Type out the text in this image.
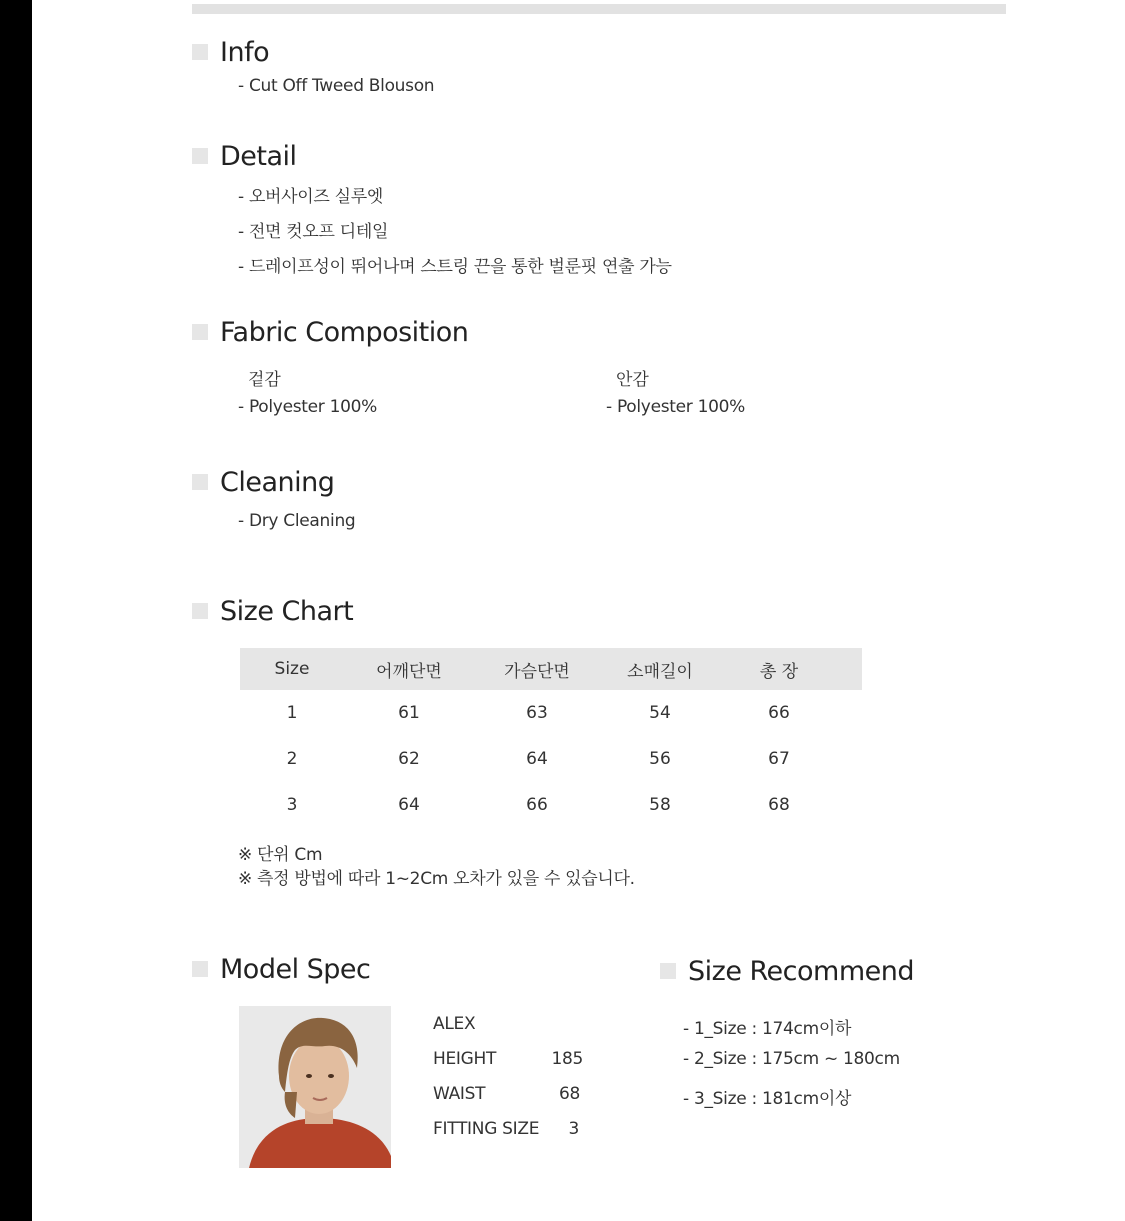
Info
- Cut Off Tweed Blouson
Detail
- 오버사이즈 실루엣
- 전면 컷오프 디테일
- 드레이프성이 뛰어나며 스트링 끈을 통한 벌룬핏 연출 가능
Fabric Composition
겉감
- Polyester 100%
안감
- Polyester 100%
Cleaning
- Dry Cleaning
Size Chart
Size	어깨단면	가슴단면	소매길이	총 장
1	61	63	54	66
2	62	64	56	67
3	64	66	58	68
※ 단위 Cm
※ 측정 방법에 따라 1~2Cm 오차가 있을 수 있습니다.
Model Spec
ALEX
HEIGHT	185
WAIST	68
FITTING SIZE 3
Size Recommend
- 1_Size : 174cm이하
- 2_Size : 175cm ~ 180cm
- 3_Size : 181cm이상
